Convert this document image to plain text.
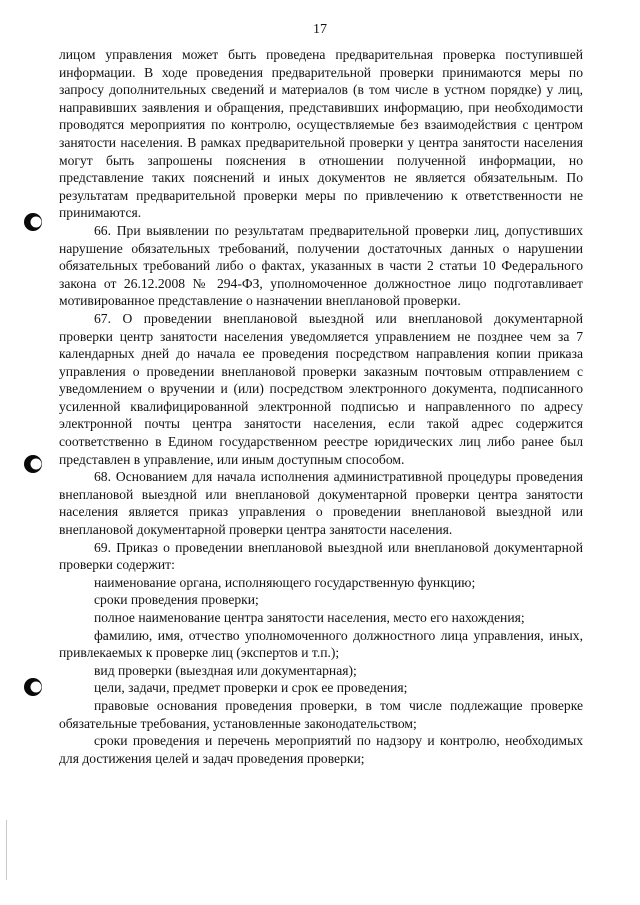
17

лицом управления может быть проведена предварительная проверка поступившей информации. В ходе проведения предварительной проверки принимаются меры по запросу дополнительных сведений и материалов (в том числе в устном порядке) у лиц, направивших заявления и обращения, представивших информацию, при необходимости проводятся мероприятия по контролю, осуществляемые без взаимодействия с центром занятости населения. В рамках предварительной проверки у центра занятости населения могут быть запрошены пояснения в отношении полученной информации, но представление таких пояснений и иных документов не является обязательным. По результатам предварительной проверки меры по привлечению к ответственности не принимаются.

66. При выявлении по результатам предварительной проверки лиц, допустивших нарушение обязательных требований, получении достаточных данных о нарушении обязательных требований либо о фактах, указанных в части 2 статьи 10 Федерального закона от 26.12.2008 № 294-ФЗ, уполномоченное должностное лицо подготавливает мотивированное представление о назначении внеплановой проверки.

67. О проведении внеплановой выездной или внеплановой документарной проверки центр занятости населения уведомляется управлением не позднее чем за 7 календарных дней до начала ее проведения посредством направления копии приказа управления о проведении внеплановой проверки заказным почтовым отправлением с уведомлением о вручении и (или) посредством электронного документа, подписанного усиленной квалифицированной электронной подписью и направленного по адресу электронной почты центра занятости населения, если такой адрес содержится соответственно в Едином государственном реестре юридических лиц либо ранее был представлен в управление, или иным доступным способом.

68. Основанием для начала исполнения административной процедуры проведения внеплановой выездной или внеплановой документарной проверки центра занятости населения является приказ управления о проведении внеплановой выездной или внеплановой документарной проверки центра занятости населения.

69. Приказ о проведении внеплановой выездной или внеплановой документарной проверки содержит:

наименование органа, исполняющего государственную функцию;

сроки проведения проверки;

полное наименование центра занятости населения, место его нахождения;

фамилию, имя, отчество уполномоченного должностного лица управления, иных, привлекаемых к проверке лиц (экспертов и т.п.);

вид проверки (выездная или документарная);

цели, задачи, предмет проверки и срок ее проведения;

правовые основания проведения проверки, в том числе подлежащие проверке обязательные требования, установленные законодательством;

сроки проведения и перечень мероприятий по надзору и контролю, необходимых для достижения целей и задач проведения проверки;
